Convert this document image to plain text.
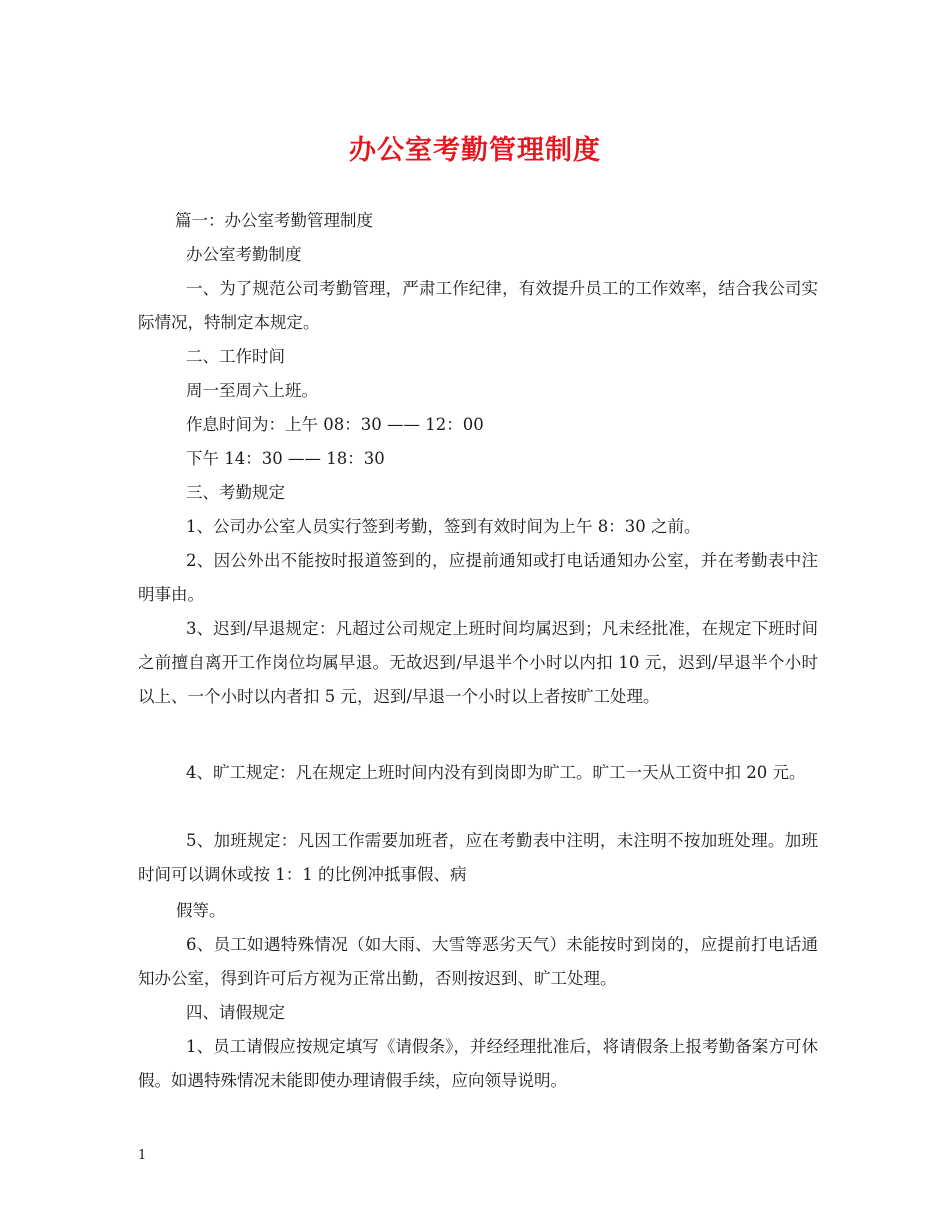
办公室考勤管理制度
篇一：办公室考勤管理制度
办公室考勤制度
一、为了规范公司考勤管理，严肃工作纪律，有效提升员工的工作效率，结合我公司实际情况，特制定本规定。
二、工作时间
周一至周六上班。
作息时间为：上午 08：30 —— 12：00
下午 14：30 —— 18：30
三、考勤规定
1、公司办公室人员实行签到考勤，签到有效时间为上午 8：30 之前。
2、因公外出不能按时报道签到的，应提前通知或打电话通知办公室，并在考勤表中注明事由。
3、迟到/早退规定：凡超过公司规定上班时间均属迟到；凡未经批准，在规定下班时间之前擅自离开工作岗位均属早退。无故迟到/早退半个小时以内扣 10 元，迟到/早退半个小时以上、一个小时以内者扣 5 元，迟到/早退一个小时以上者按旷工处理。
4、旷工规定：凡在规定上班时间内没有到岗即为旷工。旷工一天从工资中扣 20 元。
5、加班规定：凡因工作需要加班者，应在考勤表中注明，未注明不按加班处理。加班时间可以调休或按 1：1 的比例冲抵事假、病
假等。
6、员工如遇特殊情况（如大雨、大雪等恶劣天气）未能按时到岗的，应提前打电话通知办公室，得到许可后方视为正常出勤，否则按迟到、旷工处理。
四、请假规定
1、员工请假应按规定填写《请假条》，并经经理批准后，将请假条上报考勤备案方可休假。如遇特殊情况未能即使办理请假手续，应向领导说明。
1
